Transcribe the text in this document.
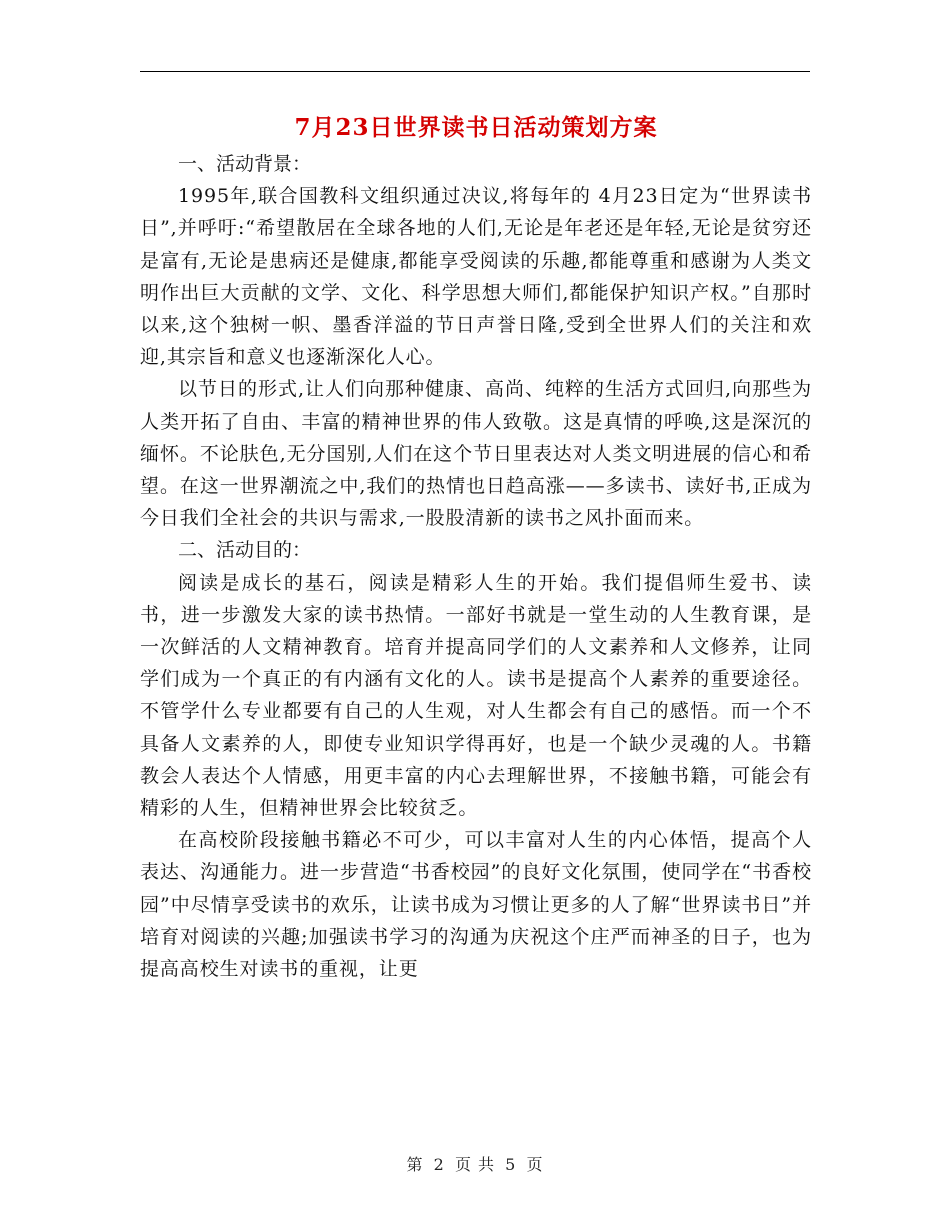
7月23日世界读书日活动策划方案
一、活动背景：

1995年,联合国教科文组织通过决议,将每年的 4月23日定为“世界读书日”,并呼吁:“希望散居在全球各地的人们,无论是年老还是年轻,无论是贫穷还是富有,无论是患病还是健康,都能享受阅读的乐趣,都能尊重和感谢为人类文明作出巨大贡献的文学、文化、科学思想大师们,都能保护知识产权。”自那时以来,这个独树一帜、墨香洋溢的节日声誉日隆,受到全世界人们的关注和欢迎,其宗旨和意义也逐渐深化人心。

以节日的形式,让人们向那种健康、高尚、纯粹的生活方式回归,向那些为人类开拓了自由、丰富的精神世界的伟人致敬。这是真情的呼唤,这是深沉的缅怀。不论肤色,无分国别,人们在这个节日里表达对人类文明进展的信心和希望。在这一世界潮流之中,我们的热情也日趋高涨——多读书、读好书,正成为今日我们全社会的共识与需求,一股股清新的读书之风扑面而来。

二、活动目的：

阅读是成长的基石，阅读是精彩人生的开始。我们提倡师生爱书、读书，进一步激发大家的读书热情。一部好书就是一堂生动的人生教育课，是一次鲜活的人文精神教育。培育并提高同学们的人文素养和人文修养，让同学们成为一个真正的有内涵有文化的人。读书是提高个人素养的重要途径。不管学什么专业都要有自己的人生观，对人生都会有自己的感悟。而一个不具备人文素养的人，即使专业知识学得再好，也是一个缺少灵魂的人。书籍教会人表达个人情感，用更丰富的内心去理解世界，不接触书籍，可能会有精彩的人生，但精神世界会比较贫乏。

在高校阶段接触书籍必不可少，可以丰富对人生的内心体悟，提高个人表达、沟通能力。进一步营造“书香校园”的良好文化氛围，使同学在“书香校园”中尽情享受读书的欢乐，让读书成为习惯让更多的人了解“世界读书日”并培育对阅读的兴趣;加强读书学习的沟通为庆祝这个庄严而神圣的日子，也为提高高校生对读书的重视，让更

第 2 页 共 5 页
